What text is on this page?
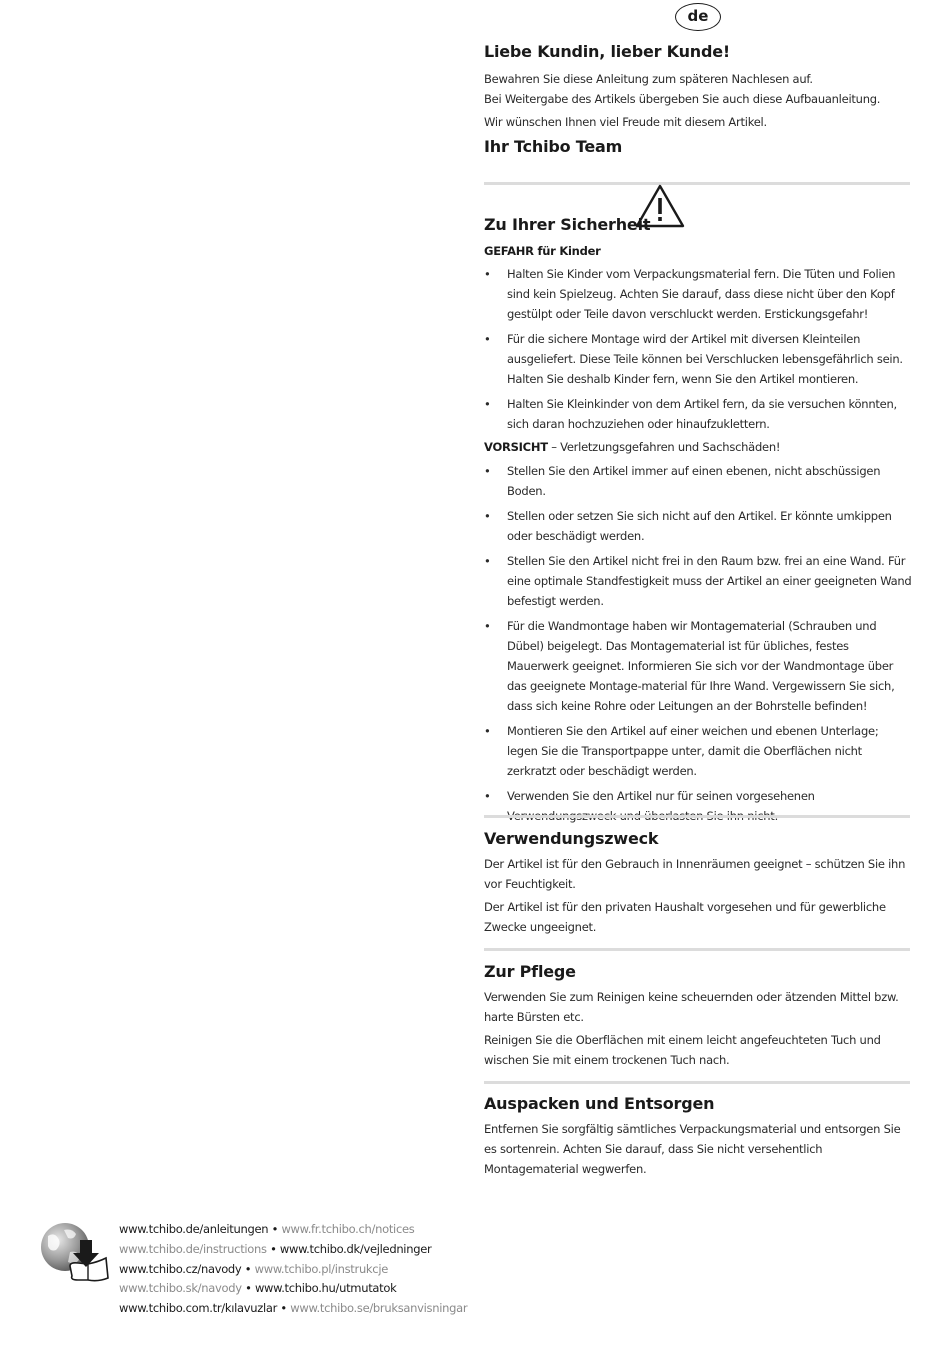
de
Liebe Kundin, lieber Kunde!

Bewahren Sie diese Anleitung zum späteren Nachlesen auf.

Bei Weitergabe des Artikels übergeben Sie auch diese Aufbauanleitung.

Wir wünschen Ihnen viel Freude mit diesem Artikel.

Ihr Tchibo Team
Zu Ihrer Sicherheit

GEFAHR für Kinder

• Halten Sie Kinder vom Verpackungsmaterial fern. Die Tüten und Folien sind kein Spielzeug. Achten Sie darauf, dass diese nicht über den Kopf gestülpt oder Teile davon verschluckt werden. Erstickungsgefahr!
• Für die sichere Montage wird der Artikel mit diversen Kleinteilen ausgeliefert. Diese Teile können bei Verschlucken lebensgefährlich sein. Halten Sie deshalb Kinder fern, wenn Sie den Artikel montieren.
• Halten Sie Kleinkinder von dem Artikel fern, da sie versuchen könnten, sich daran hochzuziehen oder hinaufzuklettern.

VORSICHT – Verletzungsgefahren und Sachschäden!

• Stellen Sie den Artikel immer auf einen ebenen, nicht abschüssigen Boden.
• Stellen oder setzen Sie sich nicht auf den Artikel. Er könnte umkippen oder beschädigt werden.
• Stellen Sie den Artikel nicht frei in den Raum bzw. frei an eine Wand. Für eine optimale Standfestigkeit muss der Artikel an einer geeigneten Wand befestigt werden.
• Für die Wandmontage haben wir Montagematerial (Schrauben und Dübel) beigelegt. Das Montagematerial ist für übliches, festes Mauerwerk geeignet. Informieren Sie sich vor der Wandmontage über das geeignete Montage-material für Ihre Wand. Vergewissern Sie sich, dass sich keine Rohre oder Leitungen an der Bohrstelle befinden!
• Montieren Sie den Artikel auf einer weichen und ebenen Unterlage; legen Sie die Transportpappe unter, damit die Oberflächen nicht zerkratzt oder beschädigt werden.
• Verwenden Sie den Artikel nur für seinen vorgesehenen
Verwendungszweck

Der Artikel ist für den Gebrauch in Innenräumen geeignet – schützen Sie ihn vor Feuchtigkeit.

Der Artikel ist für den privaten Haushalt vorgesehen und für gewerbliche Zwecke ungeeignet.

Zur Pflege

Verwenden Sie zum Reinigen keine scheuernden oder ätzenden Mittel bzw. harte Bürsten etc.

Reinigen Sie die Oberflächen mit einem leicht angefeuchteten Tuch und wischen Sie mit einem trockenen Tuch nach.

Auspacken und Entsorgen

Entfernen Sie sorgfältig sämtliches Verpackungsmaterial und entsorgen Sie es sortenrein. Achten Sie darauf, dass Sie nicht versehentlich Montagematerial wegwerfen.

www.tchibo.de/anleitungen • www.fr.tchibo.ch/notices
www.tchibo.de/instructions • www.tchibo.dk/vejledninger
www.tchibo.cz/navody • www.tchibo.pl/instrukcje
www.tchibo.sk/navody • www.tchibo.hu/utmutatok
www.tchibo.com.tr/kılavuzlar • www.tchibo.se/bruksanvisningar
